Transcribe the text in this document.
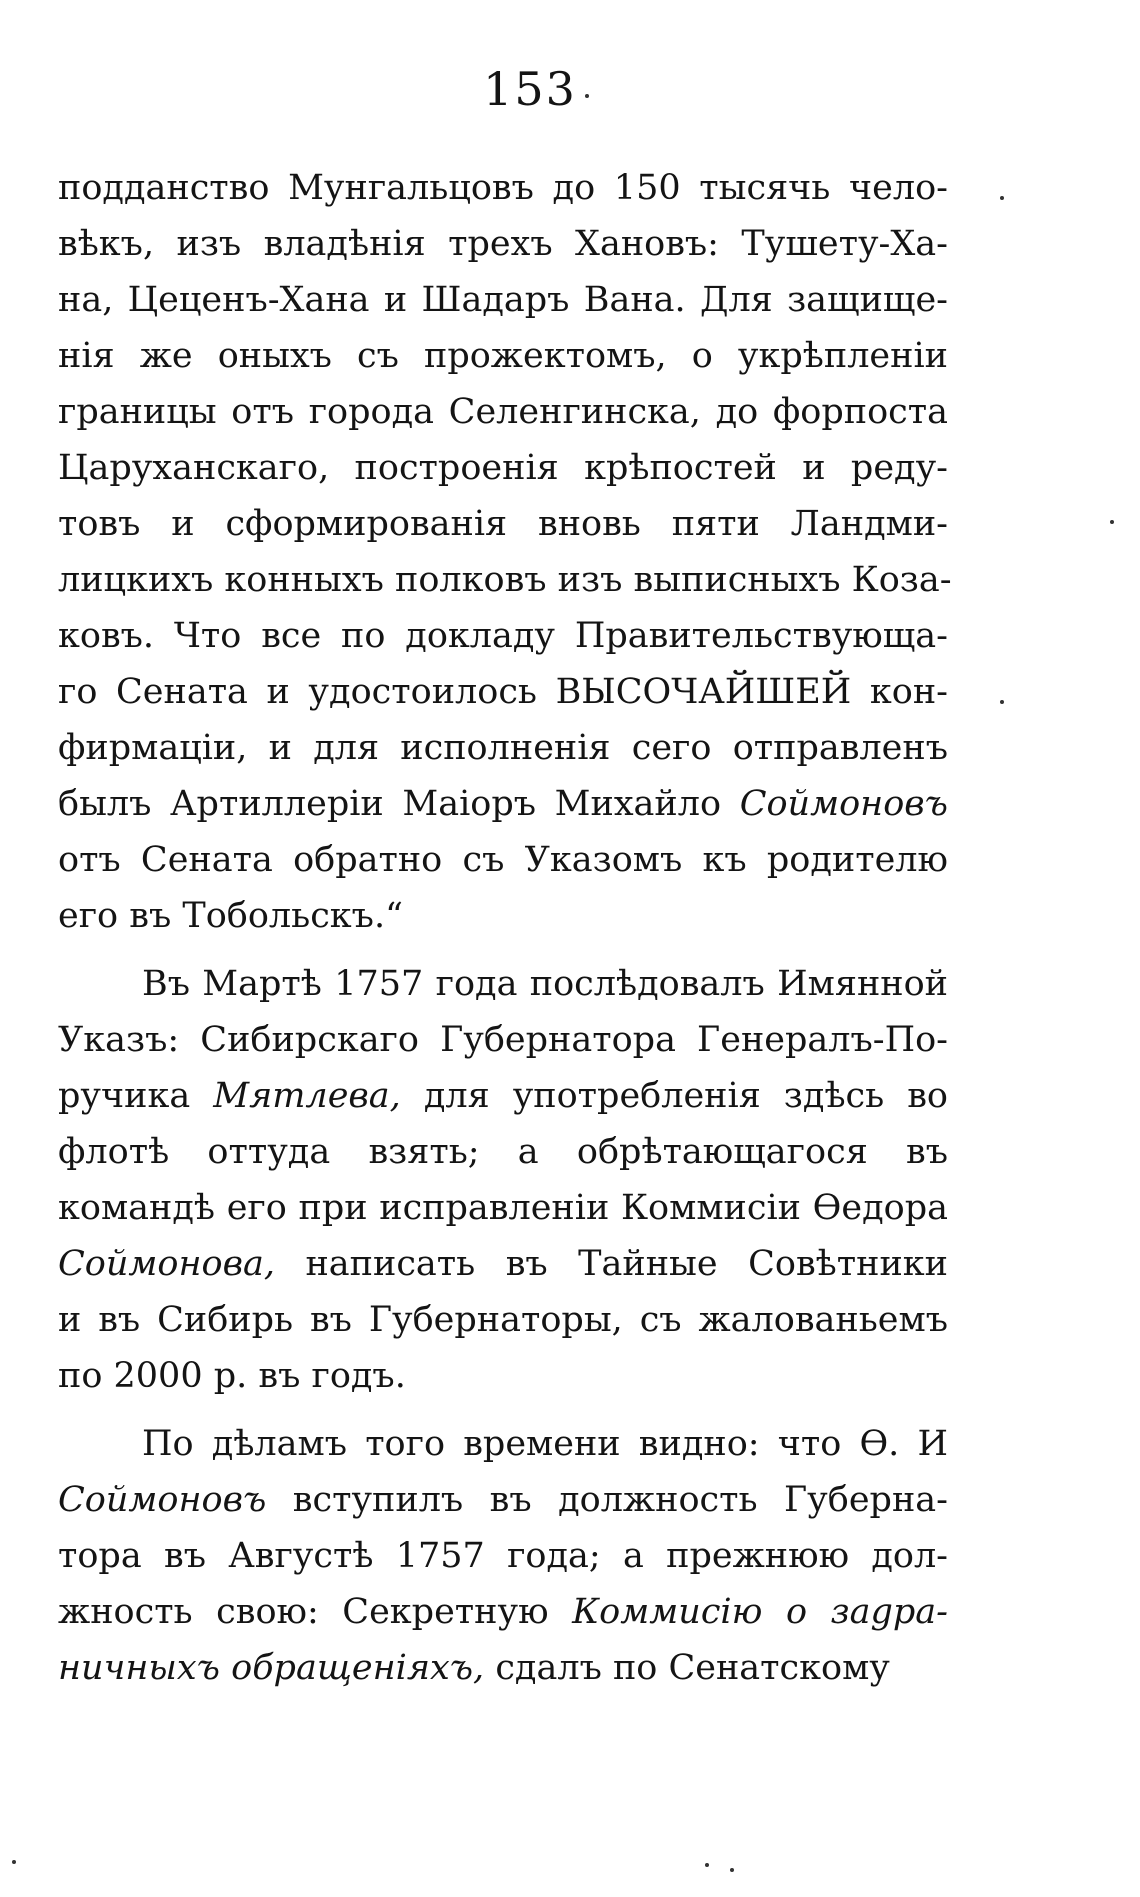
153
подданство Мунгальцовъ до 150 тысячь чело-
вѣкъ, изъ владѣнія трехъ Хановъ: Тушету-Ха-
на, Цеценъ-Хана и Шадаръ Вана. Для защище-
нія же оныхъ съ прожектомъ, о укрѣпленіи
границы отъ города Селенгинска, до форпоста
Царуханскаго, построенія крѣпостей и реду-
товъ и сформированія вновь пяти Ландми-
лицкихъ конныхъ полковъ изъ выписныхъ Коза-
ковъ. Что все по докладу Правительствующа-
го Сената и удостоилось ВЫСОЧАЙШЕЙ кон-
фирмаціи, и для исполненія сего отправленъ
былъ Артиллеріи Маіоръ Михайло Соймоновъ
отъ Сената обратно съ Указомъ къ родителю
его въ Тобольскъ.“
Въ Мартѣ 1757 года послѣдовалъ Имянной
Указъ: Сибирскаго Губернатора Генералъ-По-
ручика Мятлева, для употребленія здѣсь во
флотѣ оттуда взять; а обрѣтающагося въ
командѣ его при исправленіи Коммисіи Ѳедора
Соймонова, написать въ Тайные Совѣтники
и въ Сибирь въ Губернаторы, съ жалованьемъ
по 2000 р. въ годъ.
По дѣламъ того времени видно: что Ѳ. И
Соймоновъ вступилъ въ должность Губерна-
тора въ Августѣ 1757 года; а прежнюю дол-
жность свою: Секретную Коммисію о зagра-
ничныхъ обращеніяхъ, сдалъ по Сенатскому
